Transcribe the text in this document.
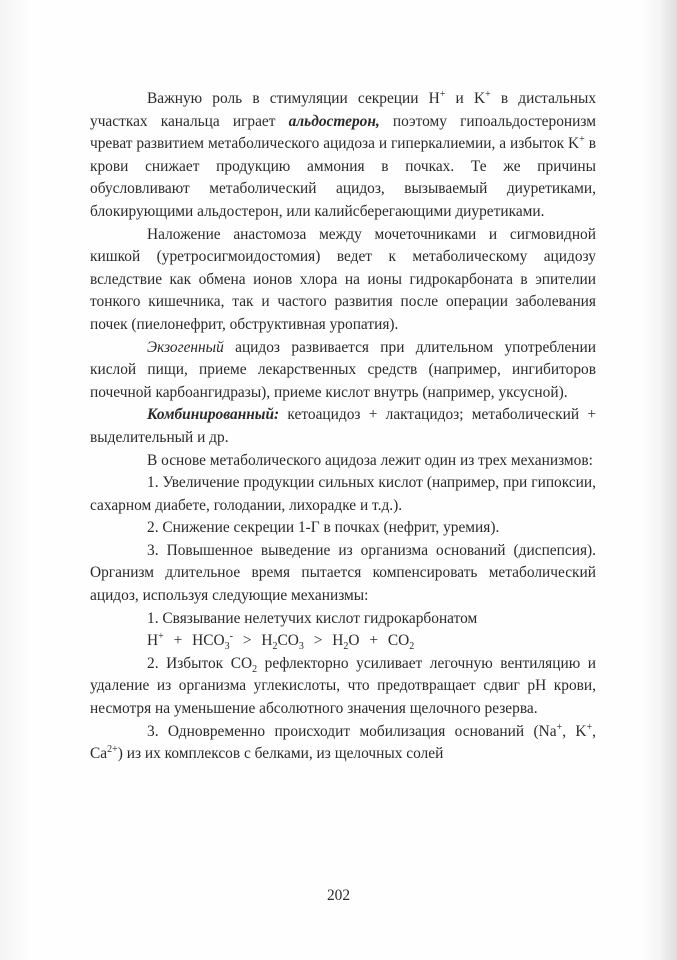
Важную роль в стимуляции секреции H+ и K+ в дистальных участках канальца играет альдостерон, поэтому гипоальдостеронизм чреват развитием метаболического ацидоза и гиперкалиемии, а избыток K+ в крови снижает продукцию аммония в почках. Те же причины обусловливают метаболический ацидоз, вызываемый диуретиками, блокирующими альдостерон, или калийсберегающими диуретиками.

Наложение анастомоза между мочеточниками и сигмовидной кишкой (уретросигмоидостомия) ведет к метаболическому ацидозу вследствие как обмена ионов хлора на ионы гидрокарбоната в эпителии тонкого кишечника, так и частого развития после операции заболевания почек (пиелонефрит, обструктивная уропатия).

Экзогенный ацидоз развивается при длительном употреблении кислой пищи, приеме лекарственных средств (например, ингибиторов почечной карбоангидразы), приеме кислот внутрь (например, уксусной).

Комбинированный: кетоацидоз + лактацидоз; метаболический + выделительный и др.

В основе метаболического ацидоза лежит один из трех механизмов:

1. Увеличение продукции сильных кислот (например, при гипоксии, сахарном диабете, голодании, лихорадке и т.д.).

2. Снижение секреции 1-Г в почках (нефрит, уремия).

3. Повышенное выведение из организма оснований (диспепсия). Организм длительное время пытается компенсировать метаболический ацидоз, используя следующие механизмы:

1. Связывание нелетучих кислот гидрокарбонатом

$H^+ + HCO_3^- > H_2CO_3 > H_2O + CO_2$

2. Избыток $CO_2$ рефлекторно усиливает легочную вентиляцию и удаление из организма углекислоты, что предотвращает сдвиг pH крови, несмотря на уменьшение абсолютного значения щелочного резерва.

3. Одновременно происходит мобилизация оснований (Na+, K+, $Ca^{2+}$) из их комплексов с белками, из щелочных солей

202
